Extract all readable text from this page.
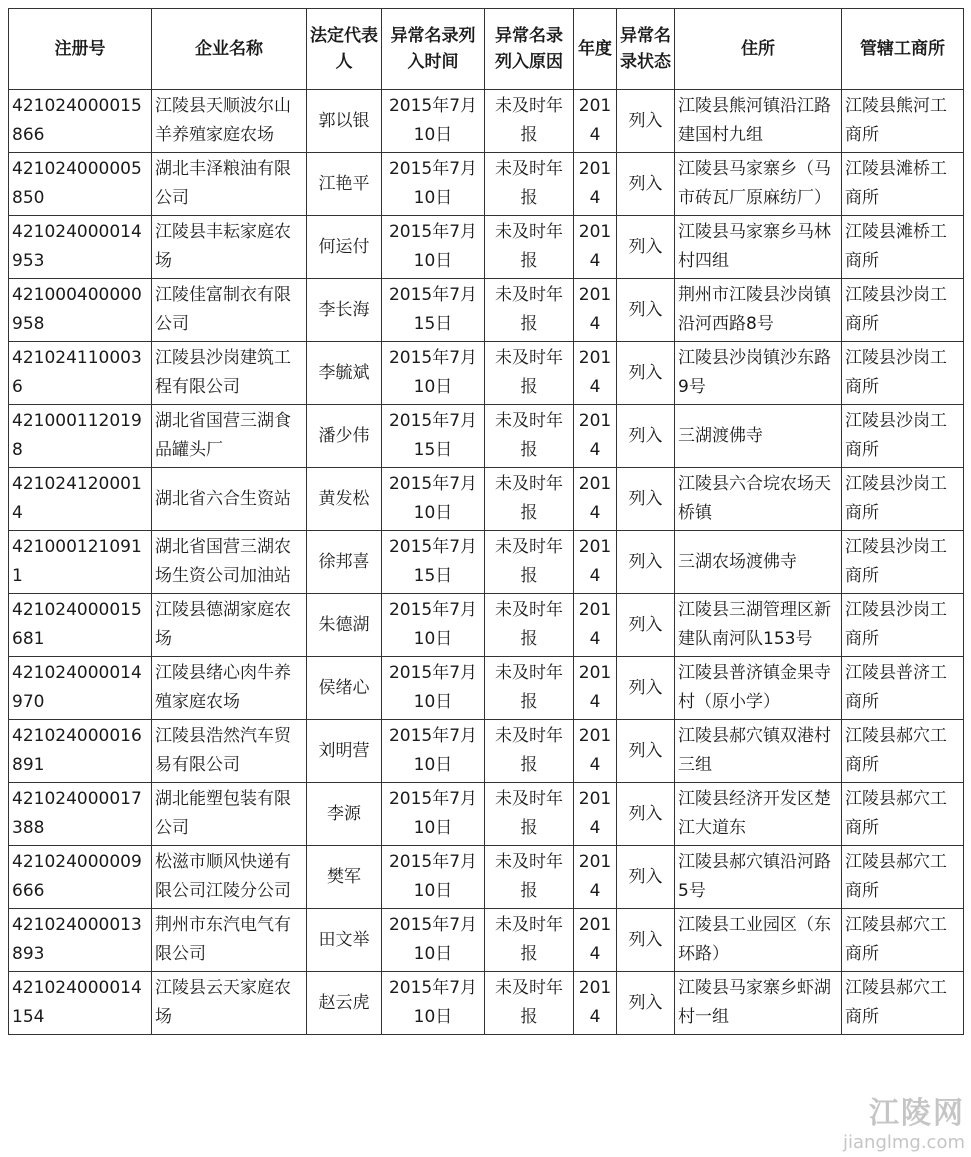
注册号	企业名称	法定代表人	异常名录列入时间	异常名录列入原因	年度	异常名录状态	住所	管辖工商所
421024000015866	江陵县天顺波尔山羊养殖家庭农场	郭以银	2015年7月10日	未及时年报	2014	列入	江陵县熊河镇沿江路建国村九组	江陵县熊河工商所
421024000005850	湖北丰泽粮油有限公司	江艳平	2015年7月10日	未及时年报	2014	列入	江陵县马家寨乡（马市砖瓦厂原麻纺厂）	江陵县滩桥工商所
421024000014953	江陵县丰耘家庭农场	何运付	2015年7月10日	未及时年报	2014	列入	江陵县马家寨乡马林村四组	江陵县滩桥工商所
421000400000958	江陵佳富制衣有限公司	李长海	2015年7月15日	未及时年报	2014	列入	荆州市江陵县沙岗镇沿河西路8号	江陵县沙岗工商所
4210241100036	江陵县沙岗建筑工程有限公司	李毓斌	2015年7月10日	未及时年报	2014	列入	江陵县沙岗镇沙东路9号	江陵县沙岗工商所
4210001120198	湖北省国营三湖食品罐头厂	潘少伟	2015年7月15日	未及时年报	2014	列入	三湖渡佛寺	江陵县沙岗工商所
4210241200014	湖北省六合生资站	黄发松	2015年7月10日	未及时年报	2014	列入	江陵县六合垸农场天桥镇	江陵县沙岗工商所
4210001210911	湖北省国营三湖农场生资公司加油站	徐邦喜	2015年7月15日	未及时年报	2014	列入	三湖农场渡佛寺	江陵县沙岗工商所
421024000015681	江陵县德湖家庭农场	朱德湖	2015年7月10日	未及时年报	2014	列入	江陵县三湖管理区新建队南河队153号	江陵县沙岗工商所
421024000014970	江陵县绪心肉牛养殖家庭农场	侯绪心	2015年7月10日	未及时年报	2014	列入	江陵县普济镇金果寺村（原小学）	江陵县普济工商所
421024000016891	江陵县浩然汽车贸易有限公司	刘明营	2015年7月10日	未及时年报	2014	列入	江陵县郝穴镇双港村三组	江陵县郝穴工商所
421024000017388	湖北能塑包装有限公司	李源	2015年7月10日	未及时年报	2014	列入	江陵县经济开发区楚江大道东	江陵县郝穴工商所
421024000009666	松滋市顺风快递有限公司江陵分公司	樊军	2015年7月10日	未及时年报	2014	列入	江陵县郝穴镇沿河路5号	江陵县郝穴工商所
421024000013893	荆州市东汽电气有限公司	田文举	2015年7月10日	未及时年报	2014	列入	江陵县工业园区（东环路）	江陵县郝穴工商所
421024000014154	江陵县云天家庭农场	赵云虎	2015年7月10日	未及时年报	2014	列入	江陵县马家寨乡虾湖村一组	江陵县郝穴工商所
江陵网
jianglmg.com
